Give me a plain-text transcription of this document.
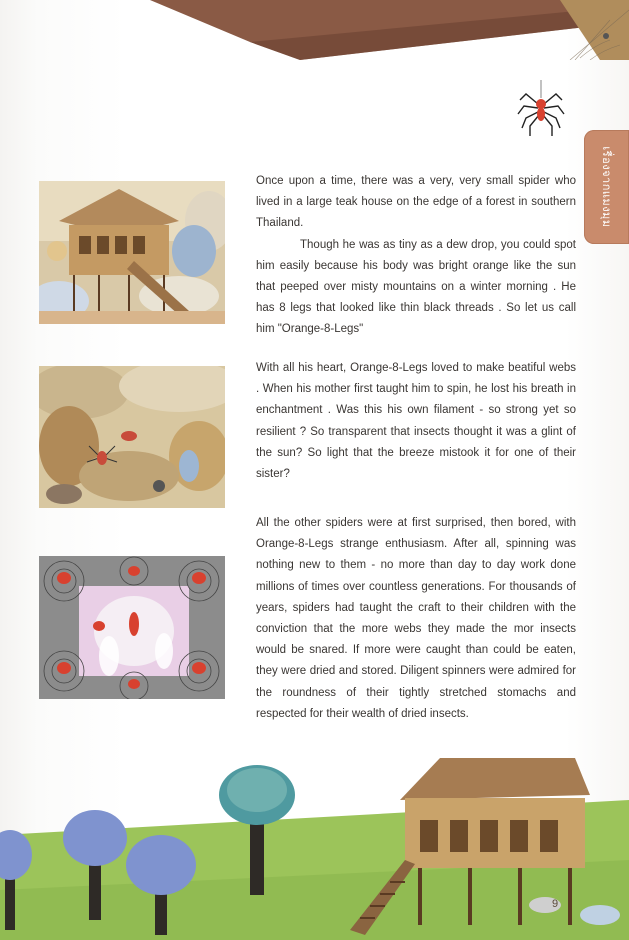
เรื่องจากแมงมุม

Once upon a time, there was a very, very small spider who lived in a large teak house on the edge of a forest in southern Thailand.

Though he was as tiny as a dew drop, you could spot him easily because his body was bright orange like the sun that peeped over misty mountains on a winter morning . He has 8 legs that looked like thin black threads . So let us call him "Orange-8-Legs"

With all his heart, Orange-8-Legs loved to make beatiful webs . When his mother first taught him to spin, he lost his breath in enchantment . Was this his own filament - so strong yet so resilient ? So transparent that insects thought it was a glint of the sun? So light that the breeze mistook it for one of their sister?

All the other spiders were at first surprised, then bored, with Orange-8-Legs strange enthusiasm. After all, spinning was nothing new to them - no more than day to day work done millions of times over countless generations. For thousands of years, spiders had taught the craft to their children with the conviction that the more webs they made the mor insects would be snared. If more were caught than could be eaten, they were dried and stored. Diligent spinners were admired for the roundness of their tightly stretched stomachs and respected for their wealth of dried insects.

9
